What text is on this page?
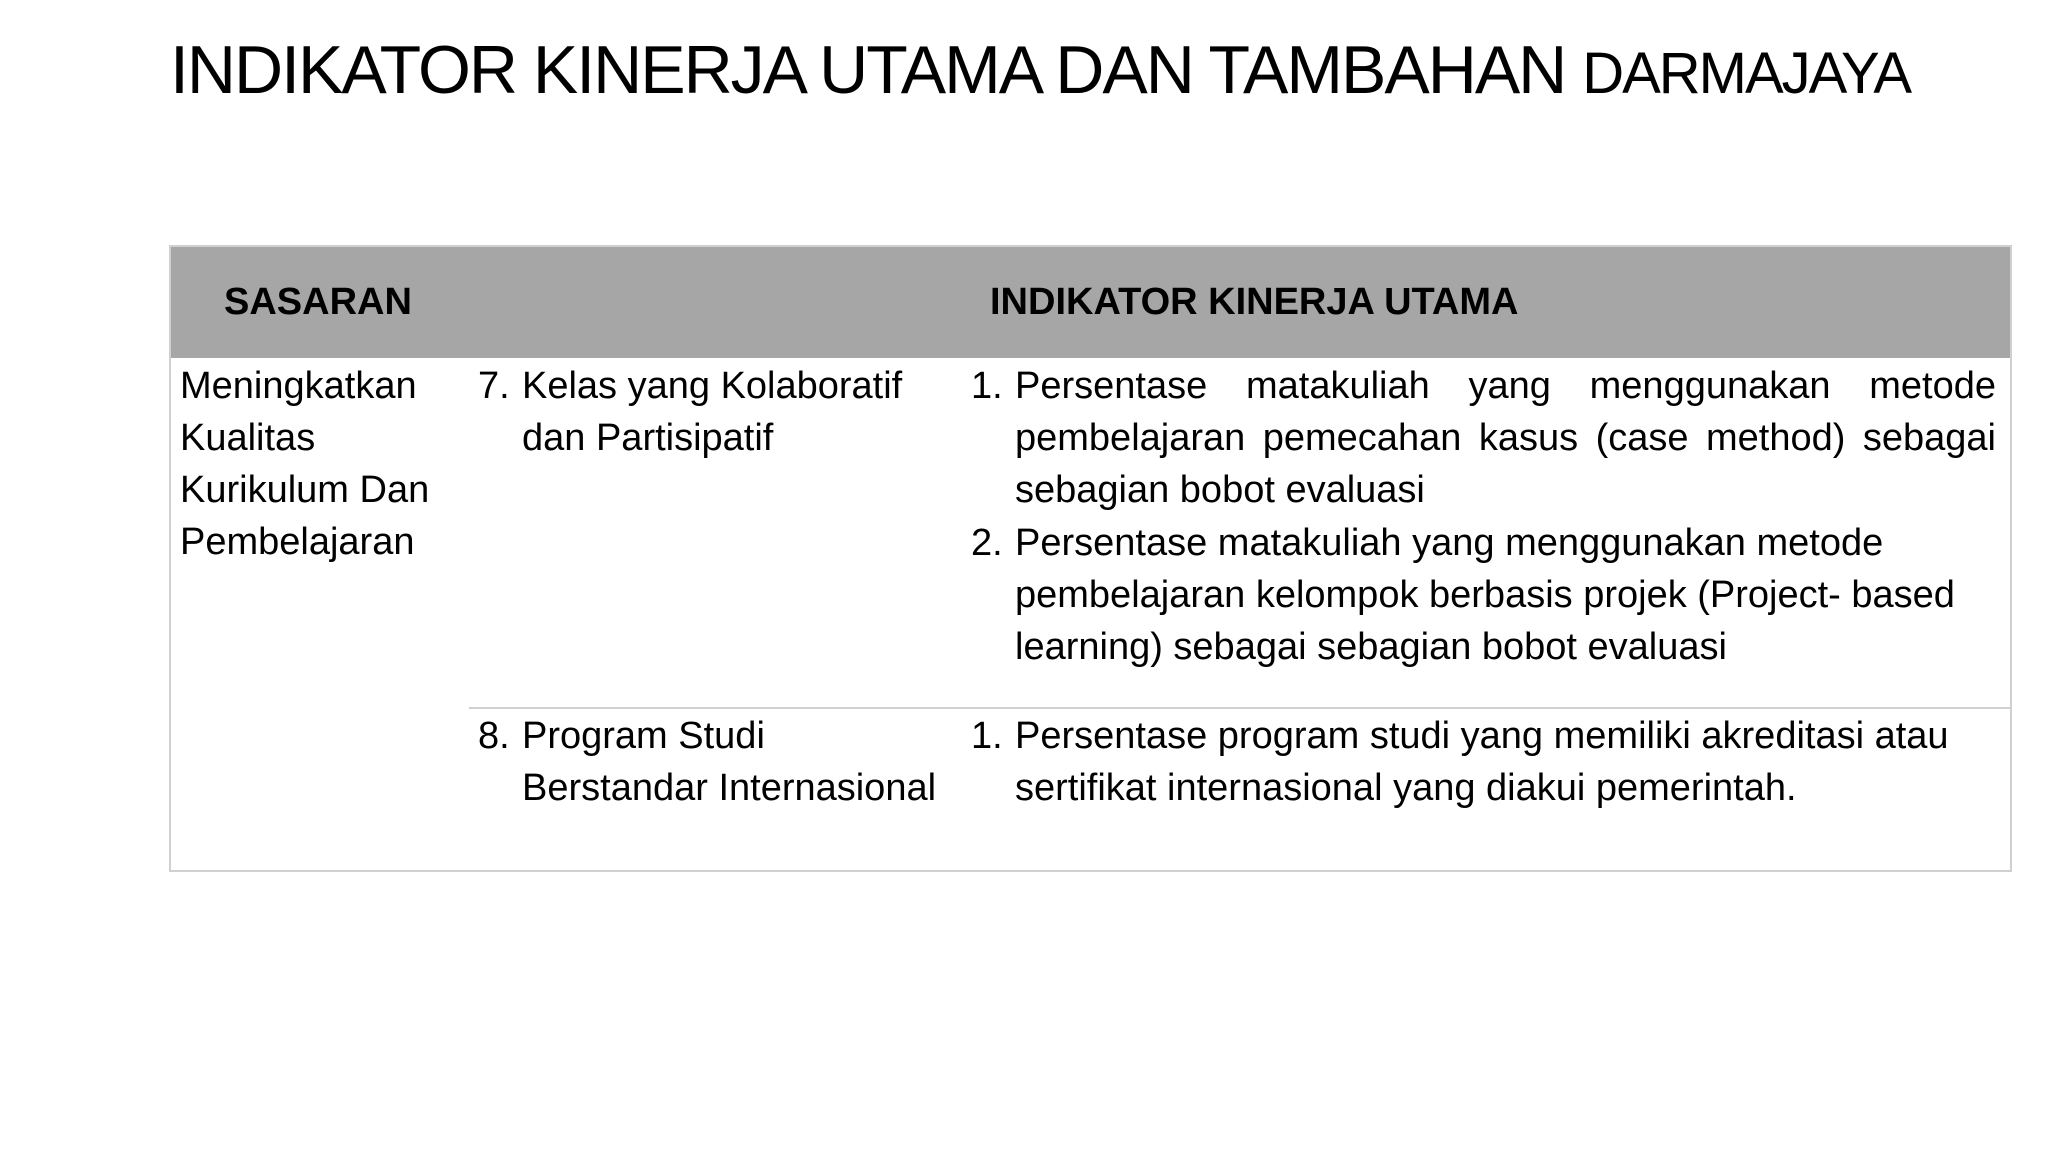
INDIKATOR KINERJA UTAMA DAN TAMBAHAN DARMAJAYA
SASARAN	INDIKATOR KINERJA UTAMA
Meningkatkan Kualitas Kurikulum Dan Pembelajaran
7. Kelas yang Kolaboratif dan Partisipatif
1. Persentase matakuliah yang menggunakan metode pembelajaran pemecahan kasus (case method) sebagai sebagian bobot evaluasi
2. Persentase matakuliah yang menggunakan metode pembelajaran kelompok berbasis projek (Project- based learning) sebagai sebagian bobot evaluasi
8. Program Studi Berstandar Internasional
1. Persentase program studi yang memiliki akreditasi atau sertifikat internasional yang diakui pemerintah.
